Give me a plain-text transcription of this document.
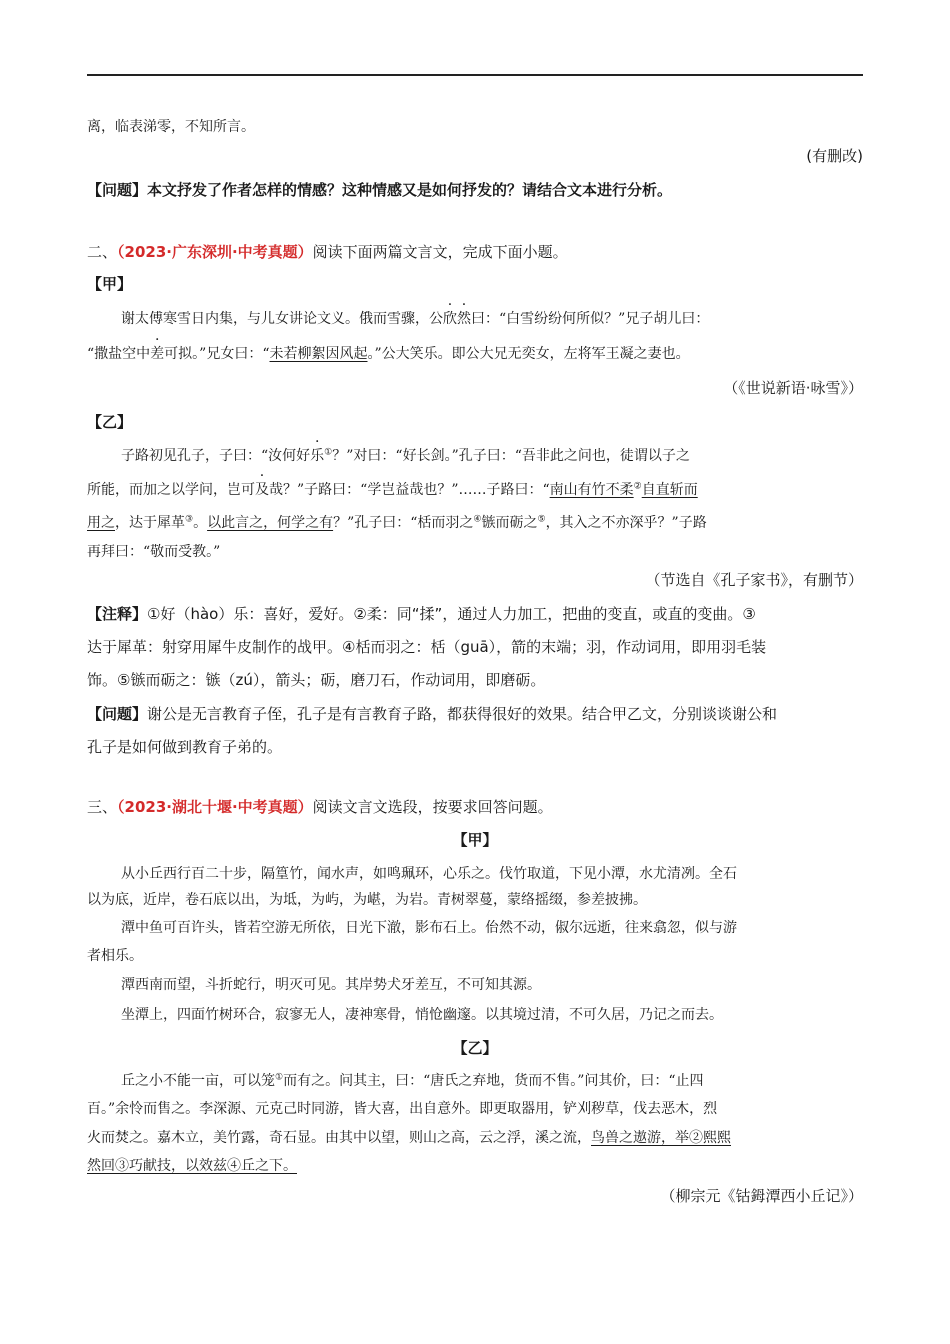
离，临表涕零，不知所言。
(有删改)
【问题】本文抒发了作者怎样的情感？这种情感又是如何抒发的？请结合文本进行分析。
二、（2023·广东深圳·中考真题）阅读下面两篇文言文，完成下面小题。
【甲】
谢太傅寒雪日内集，与儿女讲论文义。俄而雪骤，公欣然曰：“白雪纷纷何所似？”兄子胡儿曰：
“撒盐空中差可拟。”兄女曰：“未若柳絮因风起。”公大笑乐。即公大兄无奕女，左将军王凝之妻也。
（《世说新语·咏雪》）
【乙】
子路初见孔子，子曰：“汝何好乐①？”对曰：“好长剑。”孔子曰：“吾非此之问也，徒谓以子之
所能，而加之以学问，岂可及哉？”子路曰：“学岂益哉也？”……子路曰：“南山有竹不柔②自直斩而
用之，达于犀革③。以此言之，何学之有？”孔子曰：“栝而羽之④镞而砺之⑤，其入之不亦深乎？”子路
再拜曰：“敬而受教。”
（节选自《孔子家书》，有删节）
【注释】①好（hào）乐：喜好，爱好。②柔：同“揉”，通过人力加工，把曲的变直，或直的变曲。③
达于犀革：射穿用犀牛皮制作的战甲。④栝而羽之：栝（guā），箭的末端；羽，作动词用，即用羽毛装
饰。⑤镞而砺之：镞（zú），箭头；砺，磨刀石，作动词用，即磨砺。
【问题】谢公是无言教育子侄，孔子是有言教育子路，都获得很好的效果。结合甲乙文，分别谈谈谢公和
孔子是如何做到教育子弟的。
三、（2023·湖北十堰·中考真题）阅读文言文选段，按要求回答问题。
【甲】
从小丘西行百二十步，隔篁竹，闻水声，如鸣珮环，心乐之。伐竹取道，下见小潭，水尤清冽。全石
以为底，近岸，卷石底以出，为坻，为屿，为嵁，为岩。青树翠蔓，蒙络摇缀，参差披拂。
潭中鱼可百许头，皆若空游无所依，日光下澈，影布石上。佁然不动，俶尔远逝，往来翕忽，似与游
者相乐。
潭西南而望，斗折蛇行，明灭可见。其岸势犬牙差互，不可知其源。
坐潭上，四面竹树环合，寂寥无人，凄神寒骨，悄怆幽邃。以其境过清，不可久居，乃记之而去。
【乙】
丘之小不能一亩，可以笼①而有之。问其主，曰：“唐氏之弃地，货而不售。”问其价，曰：“止四
百。”余怜而售之。李深源、元克己时同游，皆大喜，出自意外。即更取器用，铲刈秽草，伐去恶木，烈
火而焚之。嘉木立，美竹露，奇石显。由其中以望，则山之高，云之浮，溪之流，鸟兽之遨游，举②熙熙
然回③巧献技，以效兹④丘之下。
（柳宗元《钴鉧潭西小丘记》）
